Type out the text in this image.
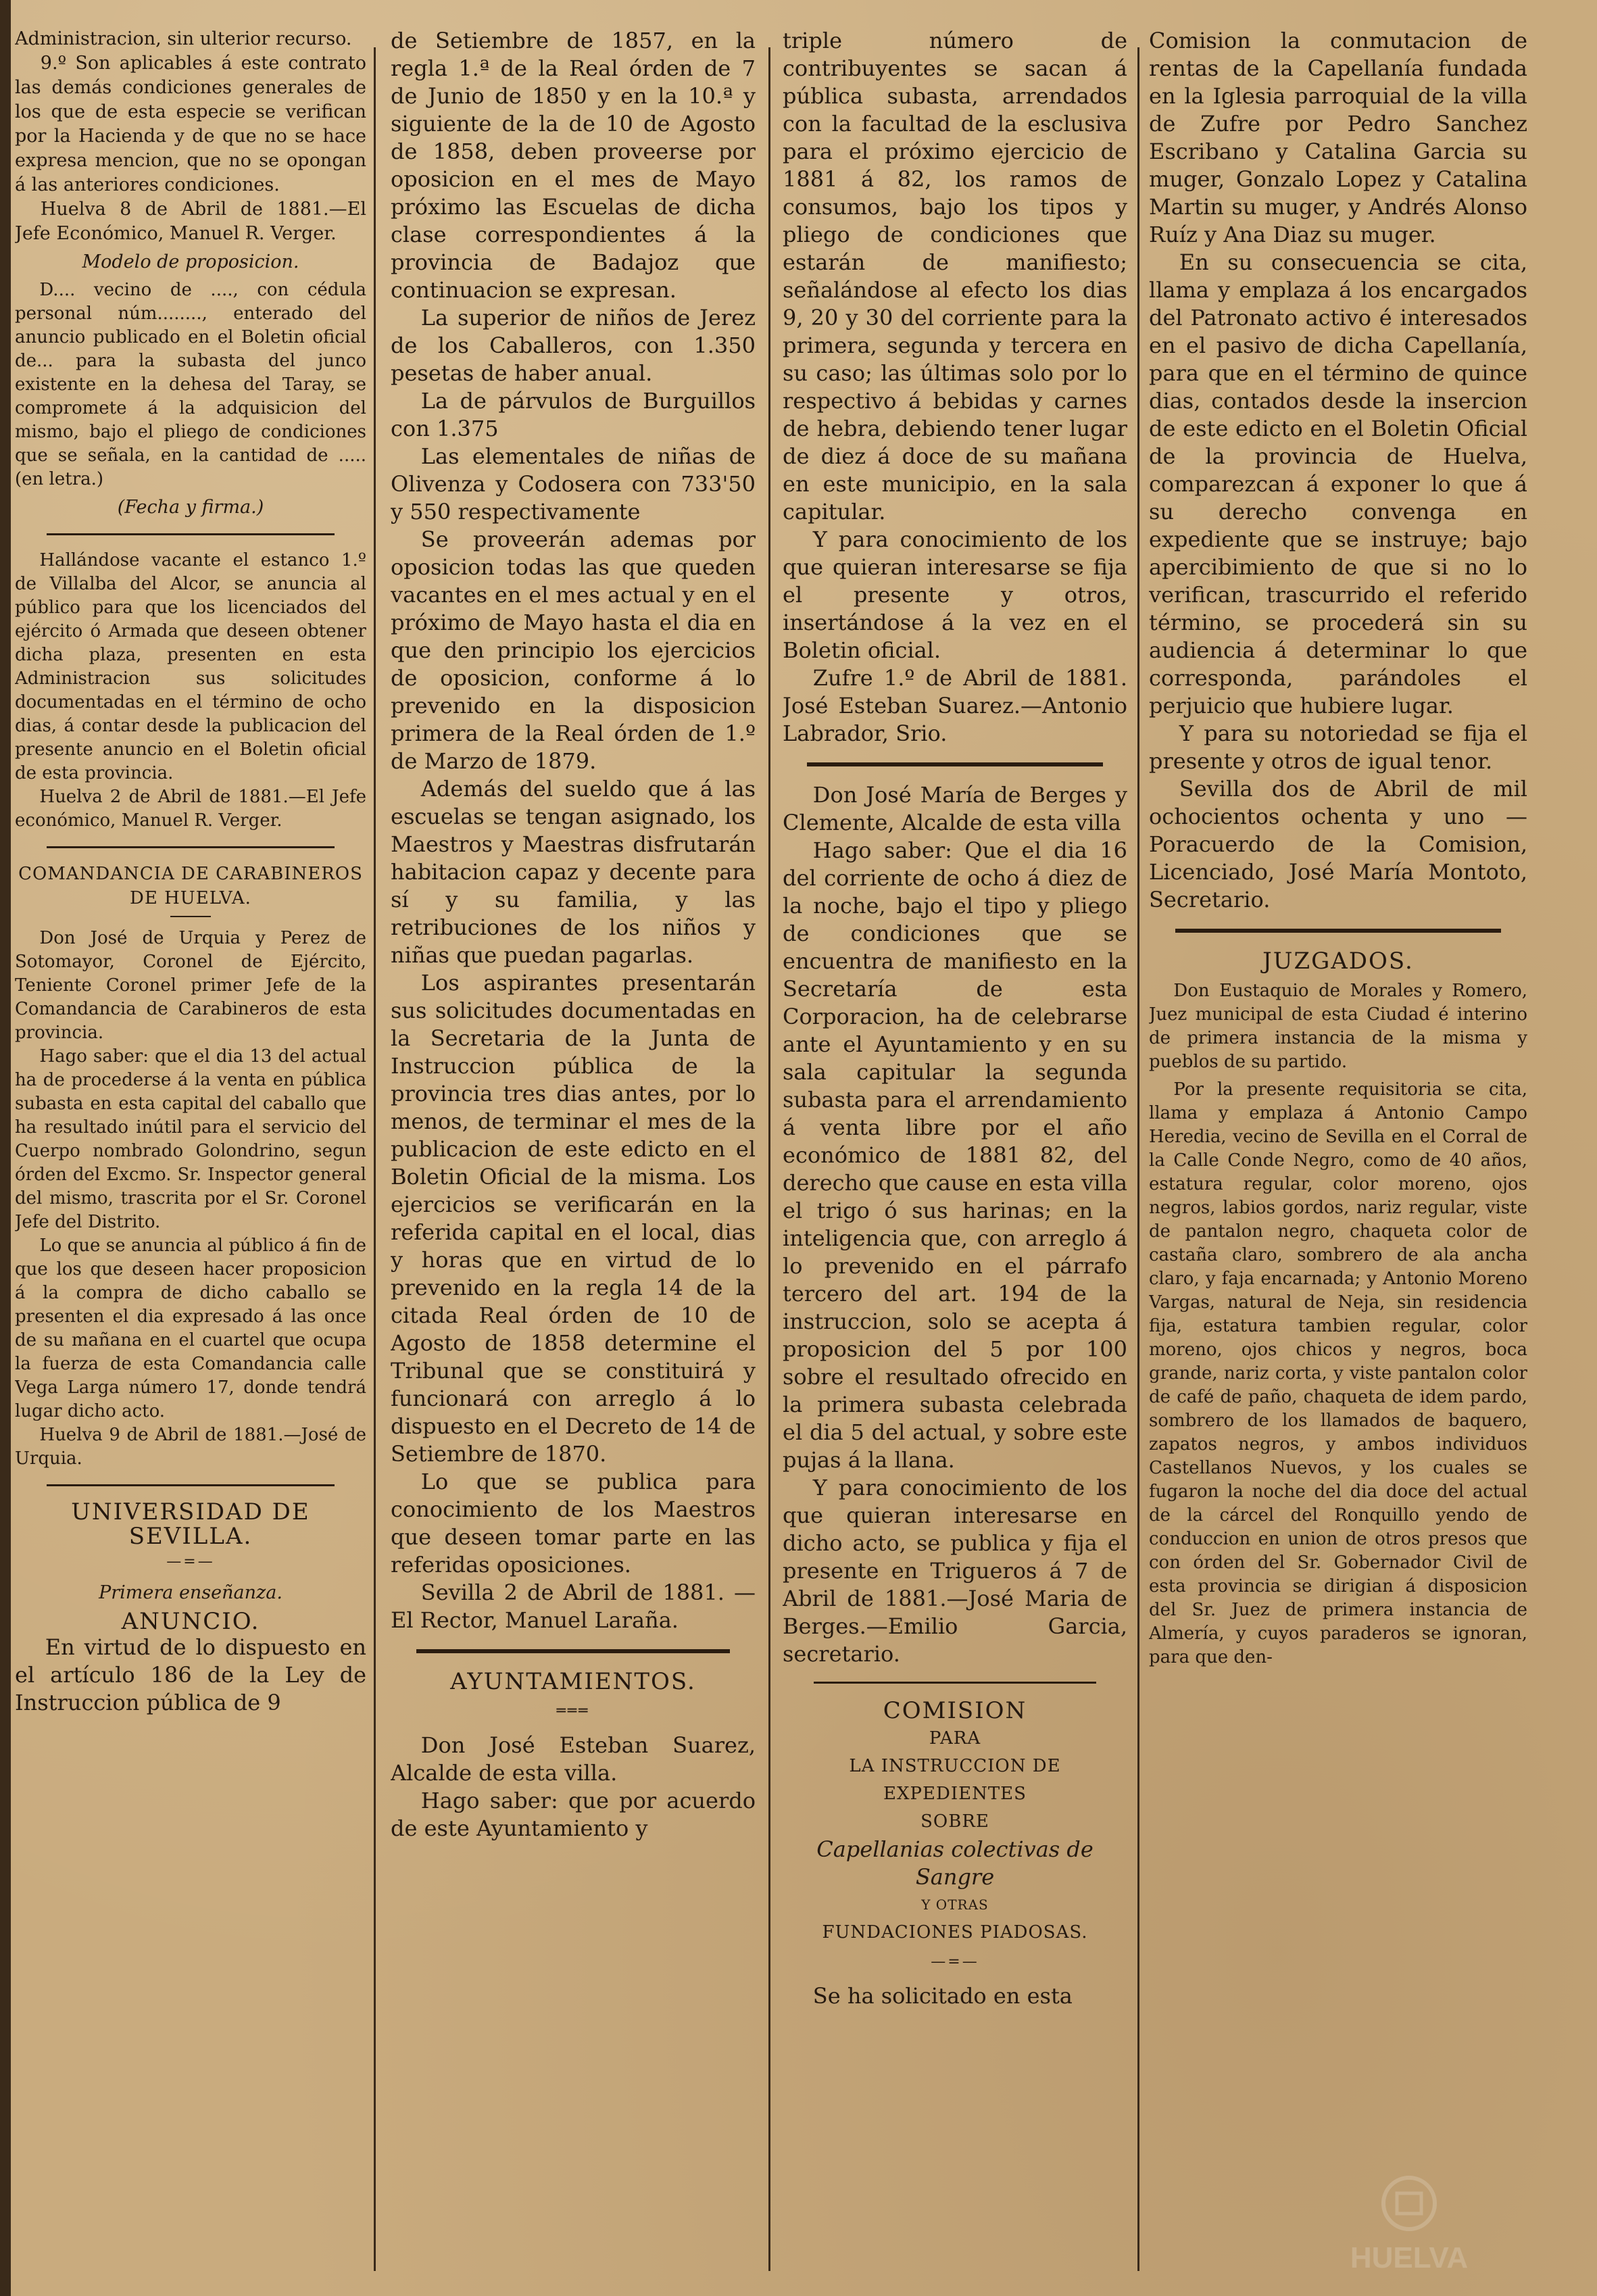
Administracion, sin ulterior recurso.

9.º Son aplicables á este contrato las demás condiciones generales de los que de esta especie se verifican por la Hacienda y de que no se hace expresa mencion, que no se opongan á las anteriores condiciones.

Huelva 8 de Abril de 1881.—El Jefe Económico, Manuel R. Verger.

Modelo de proposicion.

D.... vecino de ...., con cédula personal núm........, enterado del anuncio publicado en el Boletin oficial de... para la subasta del junco existente en la dehesa del Taray, se compromete á la adquisicion del mismo, bajo el pliego de condiciones que se señala, en la cantidad de ..... (en letra.)

(Fecha y firma.)

Hallándose vacante el estanco 1.º de Villalba del Alcor, se anuncia al público para que los licenciados del ejército ó Armada que deseen obtener dicha plaza, presenten en esta Administracion sus solicitudes documentadas en el término de ocho dias, á contar desde la publicacion del presente anuncio en el Boletin oficial de esta provincia.

Huelva 2 de Abril de 1881.—El Jefe económico, Manuel R. Verger.

COMANDANCIA DE CARABINEROS

DE HUELVA.

Don José de Urquia y Perez de Sotomayor, Coronel de Ejército, Teniente Coronel primer Jefe de la Comandancia de Carabineros de esta provincia.

Hago saber: que el dia 13 del actual ha de procederse á la venta en pública subasta en esta capital del caballo que ha resultado inútil para el servicio del Cuerpo nombrado Golondrino, segun órden del Excmo. Sr. Inspector general del mismo, trascrita por el Sr. Coronel Jefe del Distrito.

Lo que se anuncia al público á fin de que los que deseen hacer proposicion á la compra de dicho caballo se presenten el dia expresado á las once de su mañana en el cuartel que ocupa la fuerza de esta Comandancia calle Vega Larga número 17, donde tendrá lugar dicho acto.

Huelva 9 de Abril de 1881.—José de Urquia.

UNIVERSIDAD DE SEVILLA.

—=—

Primera enseñanza.

ANUNCIO.

En virtud de lo dispuesto en el artículo 186 de la Ley de Instruccion pública de 9

de Setiembre de 1857, en la regla 1.ª de la Real órden de 7 de Junio de 1850 y en la 10.ª y siguiente de la de 10 de Agosto de 1858, deben proveerse por oposicion en el mes de Mayo próximo las Escuelas de dicha clase correspondientes á la provincia de Badajoz que continuacion se expresan.

La superior de niños de Jerez de los Caballeros, con 1.350 pesetas de haber anual.

La de párvulos de Burguillos con 1.375

Las elementales de niñas de Olivenza y Codosera con 733'50 y 550 respectivamente

Se proveerán ademas por oposicion todas las que queden vacantes en el mes actual y en el próximo de Mayo hasta el dia en que den principio los ejercicios de oposicion, conforme á lo prevenido en la disposicion primera de la Real órden de 1.º de Marzo de 1879.

Además del sueldo que á las escuelas se tengan asignado, los Maestros y Maestras disfrutarán habitacion capaz y decente para sí y su familia, y las retribuciones de los niños y niñas que puedan pagarlas.

Los aspirantes presentarán sus solicitudes documentadas en la Secretaria de la Junta de Instruccion pública de la provincia tres dias antes, por lo menos, de terminar el mes de la publicacion de este edicto en el Boletin Oficial de la misma. Los ejercicios se verificarán en la referida capital en el local, dias y horas que en virtud de lo prevenido en la regla 14 de la citada Real órden de 10 de Agosto de 1858 determine el Tribunal que se constituirá y funcionará con arreglo á lo dispuesto en el Decreto de 14 de Setiembre de 1870.

Lo que se publica para conocimiento de los Maestros que deseen tomar parte en las referidas oposiciones.

Sevilla 2 de Abril de 1881. —El Rector, Manuel Laraña.

AYUNTAMIENTOS.

═══

Don José Esteban Suarez, Alcalde de esta villa.

Hago saber: que por acuerdo de este Ayuntamiento y

triple número de contribuyentes se sacan á pública subasta, arrendados con la facultad de la esclusiva para el próximo ejercicio de 1881 á 82, los ramos de consumos, bajo los tipos y pliego de condiciones que estarán de manifiesto; señalándose al efecto los dias 9, 20 y 30 del corriente para la primera, segunda y tercera en su caso; las últimas solo por lo respectivo á bebidas y carnes de hebra, debiendo tener lugar de diez á doce de su mañana en este municipio, en la sala capitular.

Y para conocimiento de los que quieran interesarse se fija el presente y otros, insertándose á la vez en el Boletin oficial.

Zufre 1.º de Abril de 1881. José Esteban Suarez.—Antonio Labrador, Srio.

Don José María de Berges y Clemente, Alcalde de esta villa

Hago saber: Que el dia 16 del corriente de ocho á diez de la noche, bajo el tipo y pliego de condiciones que se encuentra de manifiesto en la Secretaría de esta Corporacion, ha de celebrarse ante el Ayuntamiento y en su sala capitular la segunda subasta para el arrendamiento á venta libre por el año económico de 1881 82, del derecho que cause en esta villa el trigo ó sus harinas; en la inteligencia que, con arreglo á lo prevenido en el párrafo tercero del art. 194 de la instruccion, solo se acepta á proposicion del 5 por 100 sobre el resultado ofrecido en la primera subasta celebrada el dia 5 del actual, y sobre este pujas á la llana.

Y para conocimiento de los que quieran interesarse en dicho acto, se publica y fija el presente en Trigueros á 7 de Abril de 1881.—José Maria de Berges.—Emilio Garcia, secretario.

COMISION

PARA

LA INSTRUCCION DE EXPEDIENTES

SOBRE

Capellanias colectivas de Sangre

Y OTRAS

FUNDACIONES PIADOSAS.

—=—

Se ha solicitado en esta

Comision la conmutacion de rentas de la Capellanía fundada en la Iglesia parroquial de la villa de Zufre por Pedro Sanchez Escribano y Catalina Garcia su muger, Gonzalo Lopez y Catalina Martin su muger, y Andrés Alonso Ruíz y Ana Diaz su muger.

En su consecuencia se cita, llama y emplaza á los encargados del Patronato activo é interesados en el pasivo de dicha Capellanía, para que en el término de quince dias, contados desde la insercion de este edicto en el Boletin Oficial de la provincia de Huelva, comparezcan á exponer lo que á su derecho convenga en expediente que se instruye; bajo apercibimiento de que si no lo verifican, trascurrido el referido término, se procederá sin su audiencia á determinar lo que corresponda, parándoles el perjuicio que hubiere lugar.

Y para su notoriedad se fija el presente y otros de igual tenor.

Sevilla dos de Abril de mil ochocientos ochenta y uno —Poracuerdo de la Comision, Licenciado, José María Montoto, Secretario.

JUZGADOS.

Don Eustaquio de Morales y Romero, Juez municipal de esta Ciudad é interino de primera instancia de la misma y pueblos de su partido.

Por la presente requisitoria se cita, llama y emplaza á Antonio Campo Heredia, vecino de Sevilla en el Corral de la Calle Conde Negro, como de 40 años, estatura regular, color moreno, ojos negros, labios gordos, nariz regular, viste de pantalon negro, chaqueta color de castaña claro, sombrero de ala ancha claro, y faja encarnada; y Antonio Moreno Vargas, natural de Neja, sin residencia fija, estatura tambien regular, color moreno, ojos chicos y negros, boca grande, nariz corta, y viste pantalon color de café de paño, chaqueta de idem pardo, sombrero de los llamados de baquero, zapatos negros, y ambos individuos Castellanos Nuevos, y los cuales se fugaron la noche del dia doce del actual de la cárcel del Ronquillo yendo de conduccion en union de otros presos que con órden del Sr. Gobernador Civil de esta provincia se dirigian á disposicion del Sr. Juez de primera instancia de Almería, y cuyos paraderos se ignoran, para que den-

HUELVA
